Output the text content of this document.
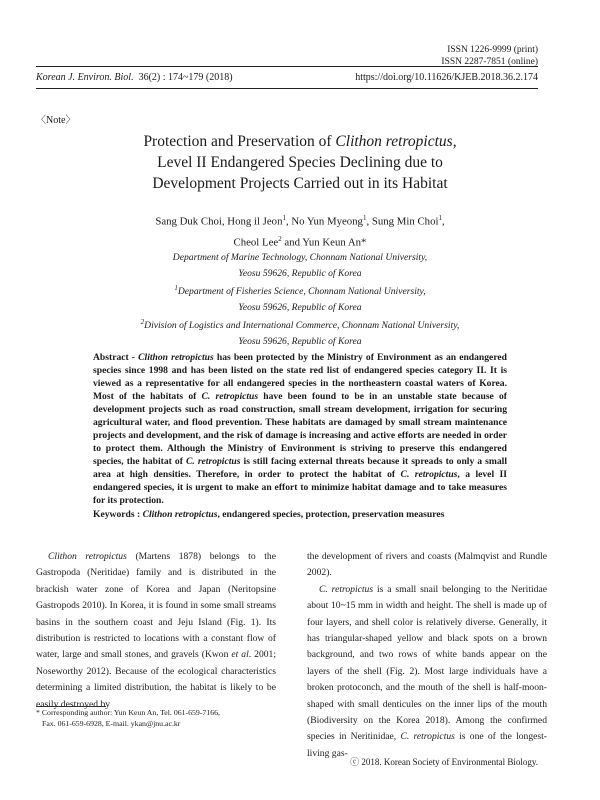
ISSN 1226-9999 (print)
ISSN 2287-7851 (online)
Korean J. Environ. Biol. 36(2) : 174~179 (2018)	https://doi.org/10.11626/KJEB.2018.36.2.174
〈Note〉
Protection and Preservation of Clithon retropictus,
Level II Endangered Species Declining due to
Development Projects Carried out in its Habitat
Sang Duk Choi, Hong il Jeon$^1$, No Yun Myeong$^1$, Sung Min Choi$^1$,
Cheol Lee$^2$ and Yun Keun An*
Department of Marine Technology, Chonnam National University,
Yeosu 59626, Republic of Korea
$^1$Department of Fisheries Science, Chonnam National University,
Yeosu 59626, Republic of Korea
$^2$Division of Logistics and International Commerce, Chonnam National University,
Yeosu 59626, Republic of Korea
Abstract - Clithon retropictus has been protected by the Ministry of Environment as an endangered species since 1998 and has been listed on the state red list of endangered species category II. It is viewed as a representative for all endangered species in the northeastern coastal waters of Korea. Most of the habitats of C. retropictus have been found to be in an unstable state because of development projects such as road construction, small stream development, irrigation for securing agricultural water, and flood prevention. These habitats are damaged by small stream maintenance projects and development, and the risk of damage is increasing and active efforts are needed in order to protect them. Although the Ministry of Environment is striving to preserve this endangered species, the habitat of C. retropictus is still facing external threats because it spreads to only a small area at high densities. Therefore, in order to protect the habitat of C. retropictus, a level II endangered species, it is urgent to make an effort to minimize habitat damage and to take measures for its protection.
Keywords : Clithon retropictus, endangered species, protection, preservation measures

Clithon retropictus (Martens 1878) belongs to the Gastropoda (Neritidae) family and is distributed in the brackish water zone of Korea and Japan (Neritopsine Gastropods 2010). In Korea, it is found in some small streams basins in the southern coast and Jeju Island (Fig. 1). Its distribution is restricted to locations with a constant flow of water, large and small stones, and gravels (Kwon et al. 2001; Noseworthy 2012). Because of the ecological characteristics determining a limited distribution, the habitat is likely to be easily destroyed by

the development of rivers and coasts (Malmqvist and Rundle 2002).

C. retropictus is a small snail belonging to the Neritidae about 10~15 mm in width and height. The shell is made up of four layers, and shell color is relatively diverse. Generally, it has triangular-shaped yellow and black spots on a brown background, and two rows of white bands appear on the layers of the shell (Fig. 2). Most large individuals have a broken protoconch, and the mouth of the shell is half-moon-shaped with small denticules on the inner lips of the mouth (Biodiversity on the Korea 2018). Among the confirmed species in Neritinidae, C. retropictus is one of the longest-living gas-

* Corresponding author: Yun Keun An, Tel. 061-659-7166,
Fax. 061-659-6928, E-mail. ykan@jnu.ac.kr
ⓒ 2018. Korean Society of Environmental Biology.
